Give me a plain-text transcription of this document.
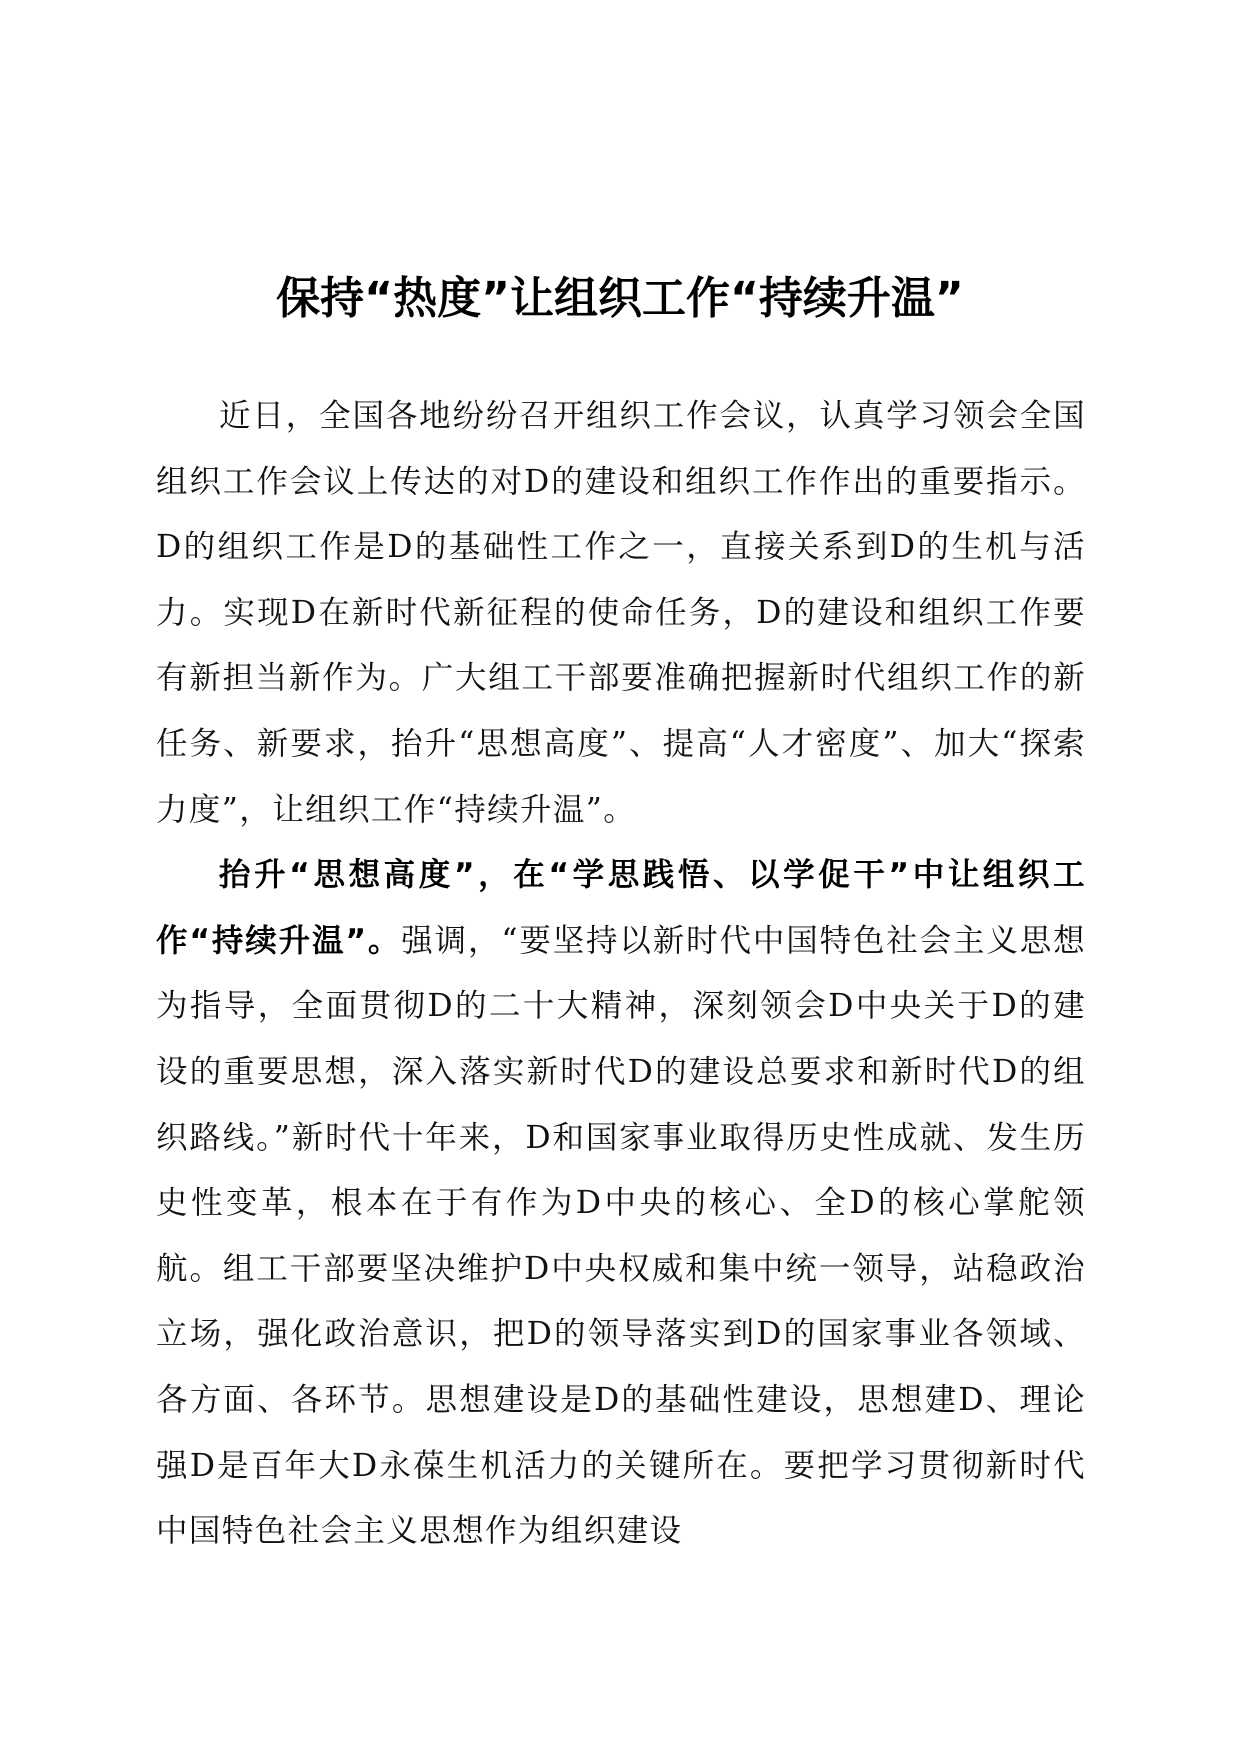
保持“热度”让组织工作“持续升温”

近日，全国各地纷纷召开组织工作会议，认真学习领会全国组织工作会议上传达的对D的建设和组织工作作出的重要指示。D的组织工作是D的基础性工作之一，直接关系到D的生机与活力。实现D在新时代新征程的使命任务，D的建设和组织工作要有新担当新作为。广大组工干部要准确把握新时代组织工作的新任务、新要求，抬升“思想高度”、提高“人才密度”、加大“探索力度”，让组织工作“持续升温”。

抬升“思想高度”，在“学思践悟、以学促干”中让组织工作“持续升温”。强调，“要坚持以新时代中国特色社会主义思想为指导，全面贯彻D的二十大精神，深刻领会D中央关于D的建设的重要思想，深入落实新时代D的建设总要求和新时代D的组织路线。”新时代十年来，D和国家事业取得历史性成就、发生历史性变革，根本在于有作为D中央的核心、全D的核心掌舵领航。组工干部要坚决维护D中央权威和集中统一领导，站稳政治立场，强化政治意识，把D的领导落实到D的国家事业各领域、各方面、各环节。思想建设是D的基础性建设，思想建D、理论强D是百年大D永葆生机活力的关键所在。要把学习贯彻新时代中国特色社会主义思想作为组织建设
